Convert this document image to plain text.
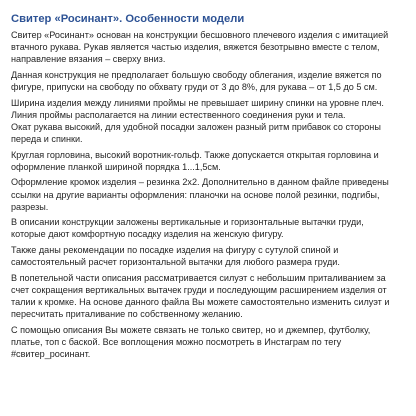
Свитер «Росинант». Особенности модели

Свитер «Росинант» основан на конструкции бесшовного плечевого изделия с имитацией
втачного рукава. Рукав является частью изделия, вяжется безотрывно вместе с телом,
направление вязания – сверху вниз.

Данная конструкция не предполагает большую свободу облегания, изделие вяжется по
фигуре, припуски на свободу по обхвату груди от 3 до 8%, для рукава – от 1,5 до 5 см.

Ширина изделия между линиями проймы не превышает ширину спинки на уровне плеч.
Линия проймы располагается на линии естественного соединения руки и тела.

Окат рукава высокий, для удобной посадки заложен разный ритм прибавок со стороны
переда и спинки.

Круглая горловина, высокий воротник-гольф. Также допускается открытая горловина и
оформление планкой шириной порядка 1...1,5см.

Оформление кромок изделия – резинка 2х2. Дополнительно в данном файле приведены
ссылки на другие варианты оформления: планочки на основе полой резинки, подгибы,
разрезы.

В описании конструкции заложены вертикальные и горизонтальные вытачки груди,
которые дают комфортную посадку изделия на женскую фигуру.

Также даны рекомендации по посадке изделия на фигуру с сутулой спиной и
самостоятельный расчет горизонтальной вытачки для любого размера груди.

В попетельной части описания рассматривается силуэт с небольшим приталиванием за
счет сокращения вертикальных вытачек груди и последующим расширением изделия от
талии к кромке. На основе данного файла Вы можете самостоятельно изменить силуэт и
пересчитать приталивание по собственному желанию.

С помощью описания Вы можете связать не только свитер, но и джемпер, футболку,
платье, топ с баской. Все воплощения можно посмотреть в Инстаграм по тегу
#свитер_росинант.
